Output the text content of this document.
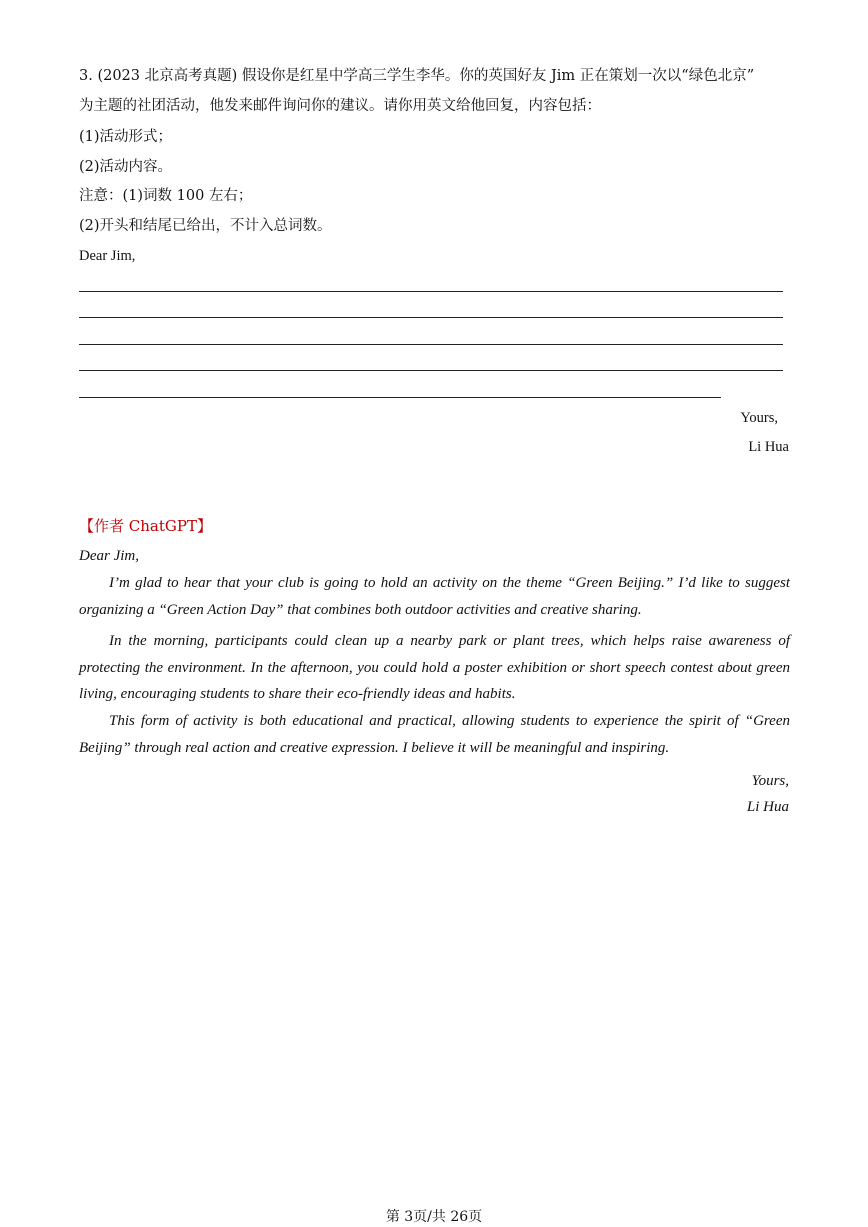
3. (2023 北京高考真题) 假设你是红星中学高三学生李华。你的英国好友 Jim 正在策划一次以“绿色北京”
为主题的社团活动，他发来邮件询问你的建议。请你用英文给他回复，内容包括：
(1)活动形式；
(2)活动内容。
注意：(1)词数 100 左右；
(2)开头和结尾已给出，不计入总词数。
Dear Jim,
Yours,
Li Hua
【作者 ChatGPT】
Dear Jim,
I’m glad to hear that your club is going to hold an activity on the theme “Green Beijing.” I’d like to suggest organizing a “Green Action Day” that combines both outdoor activities and creative sharing.
In the morning, participants could clean up a nearby park or plant trees, which helps raise awareness of protecting the environment. In the afternoon, you could hold a poster exhibition or short speech contest about green living, encouraging students to share their eco-friendly ideas and habits.
This form of activity is both educational and practical, allowing students to experience the spirit of “Green Beijing” through real action and creative expression. I believe it will be meaningful and inspiring.
Yours,
Li Hua
第 3页/共 26页
